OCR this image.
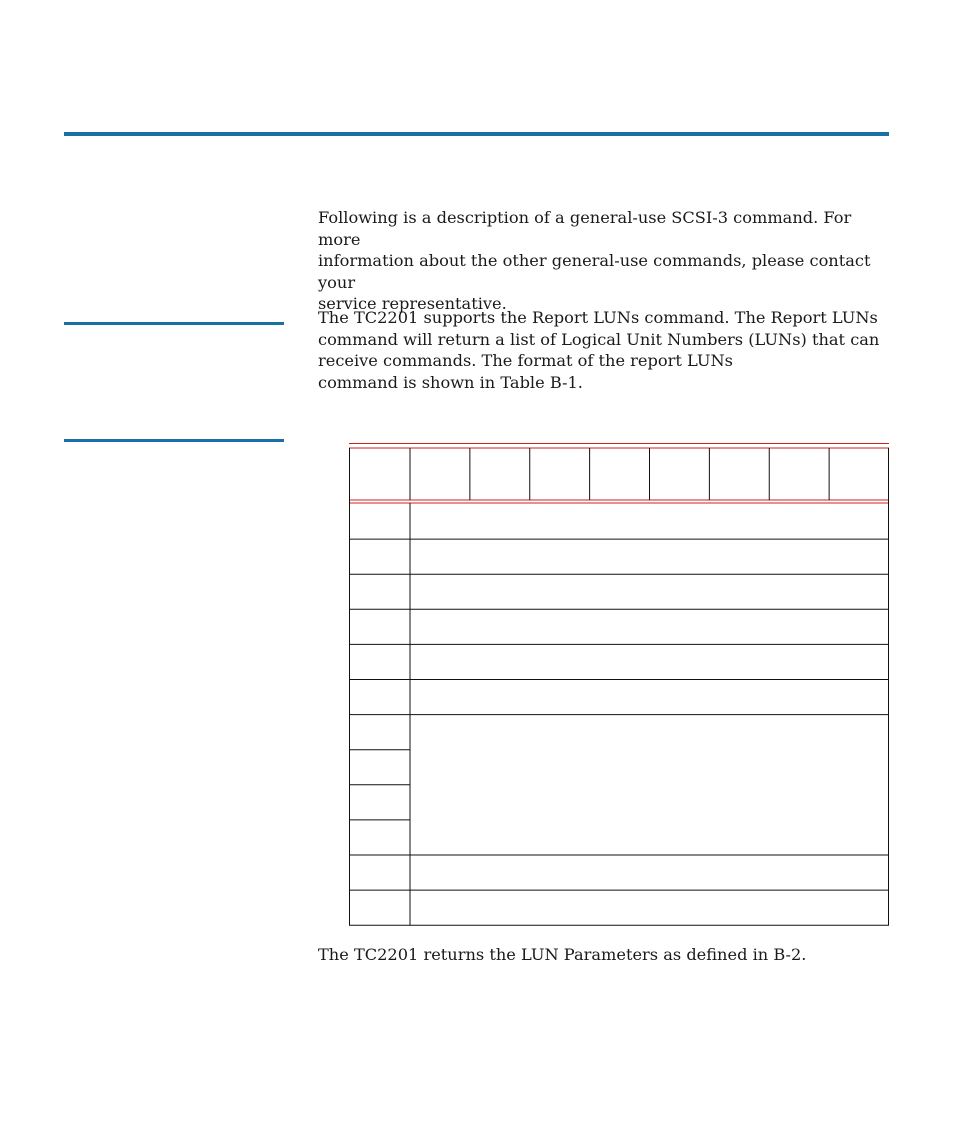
Following is a description of a general-use SCSI-3 command. For more
information about the other general-use commands, please contact your
service representative.

The TC2201 supports the Report LUNs command. The Report LUNs
command will return a list of Logical Unit Numbers (LUNs) that can
receive commands. The format of the report LUNs
command is shown in Table B-1.

The TC2201 returns the LUN Parameters as defined in B-2.
